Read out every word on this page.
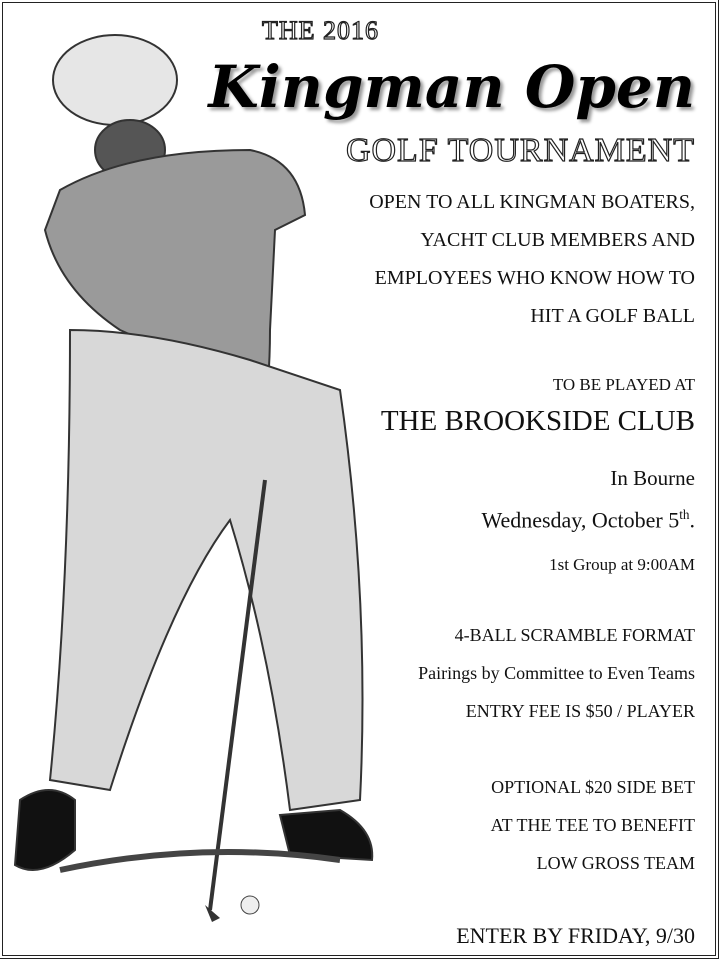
THE 2016
Kingman Open
GOLF TOURNAMENT
OPEN TO ALL KINGMAN BOATERS,
YACHT CLUB MEMBERS AND
EMPLOYEES WHO KNOW HOW TO
HIT A GOLF BALL
TO BE PLAYED AT
THE BROOKSIDE CLUB
In Bourne
Wednesday, October 5th.
1st Group at 9:00AM
4-BALL SCRAMBLE FORMAT
Pairings by Committee to Even Teams
ENTRY FEE IS $50 / PLAYER
OPTIONAL $20 SIDE BET
AT THE TEE TO BENEFIT
LOW GROSS TEAM
ENTER BY FRIDAY, 9/30
